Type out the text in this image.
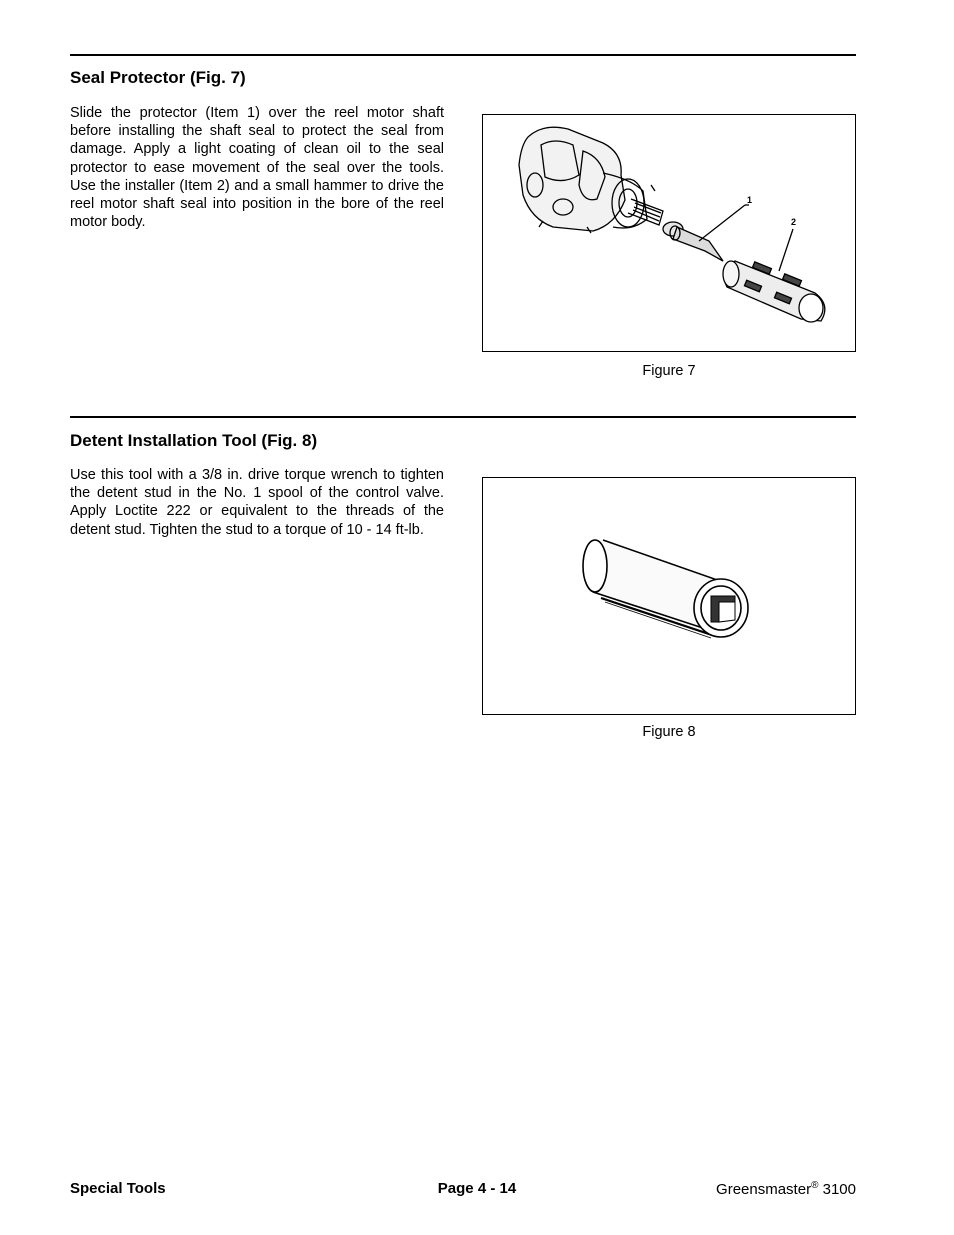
Seal Protector (Fig. 7)

Slide the protector (Item 1) over the reel motor shaft before installing the shaft seal to protect the seal from damage. Apply a light coating of clean oil to the seal protector to ease movement of the seal over the tools. Use the installer (Item 2) and a small hammer to drive the reel motor shaft seal into position in the bore of the reel motor body.

1
2
Figure 7
Detent Installation Tool (Fig. 8)

Use this tool with a 3/8 in. drive torque wrench to tighten the detent stud in the No. 1 spool of the control valve. Apply Loctite 222 or equivalent to the threads of the detent stud. Tighten the stud to a torque of 10 - 14 ft-lb.

Figure 8
Special Tools	Page 4 - 14	Greensmaster® 3100
